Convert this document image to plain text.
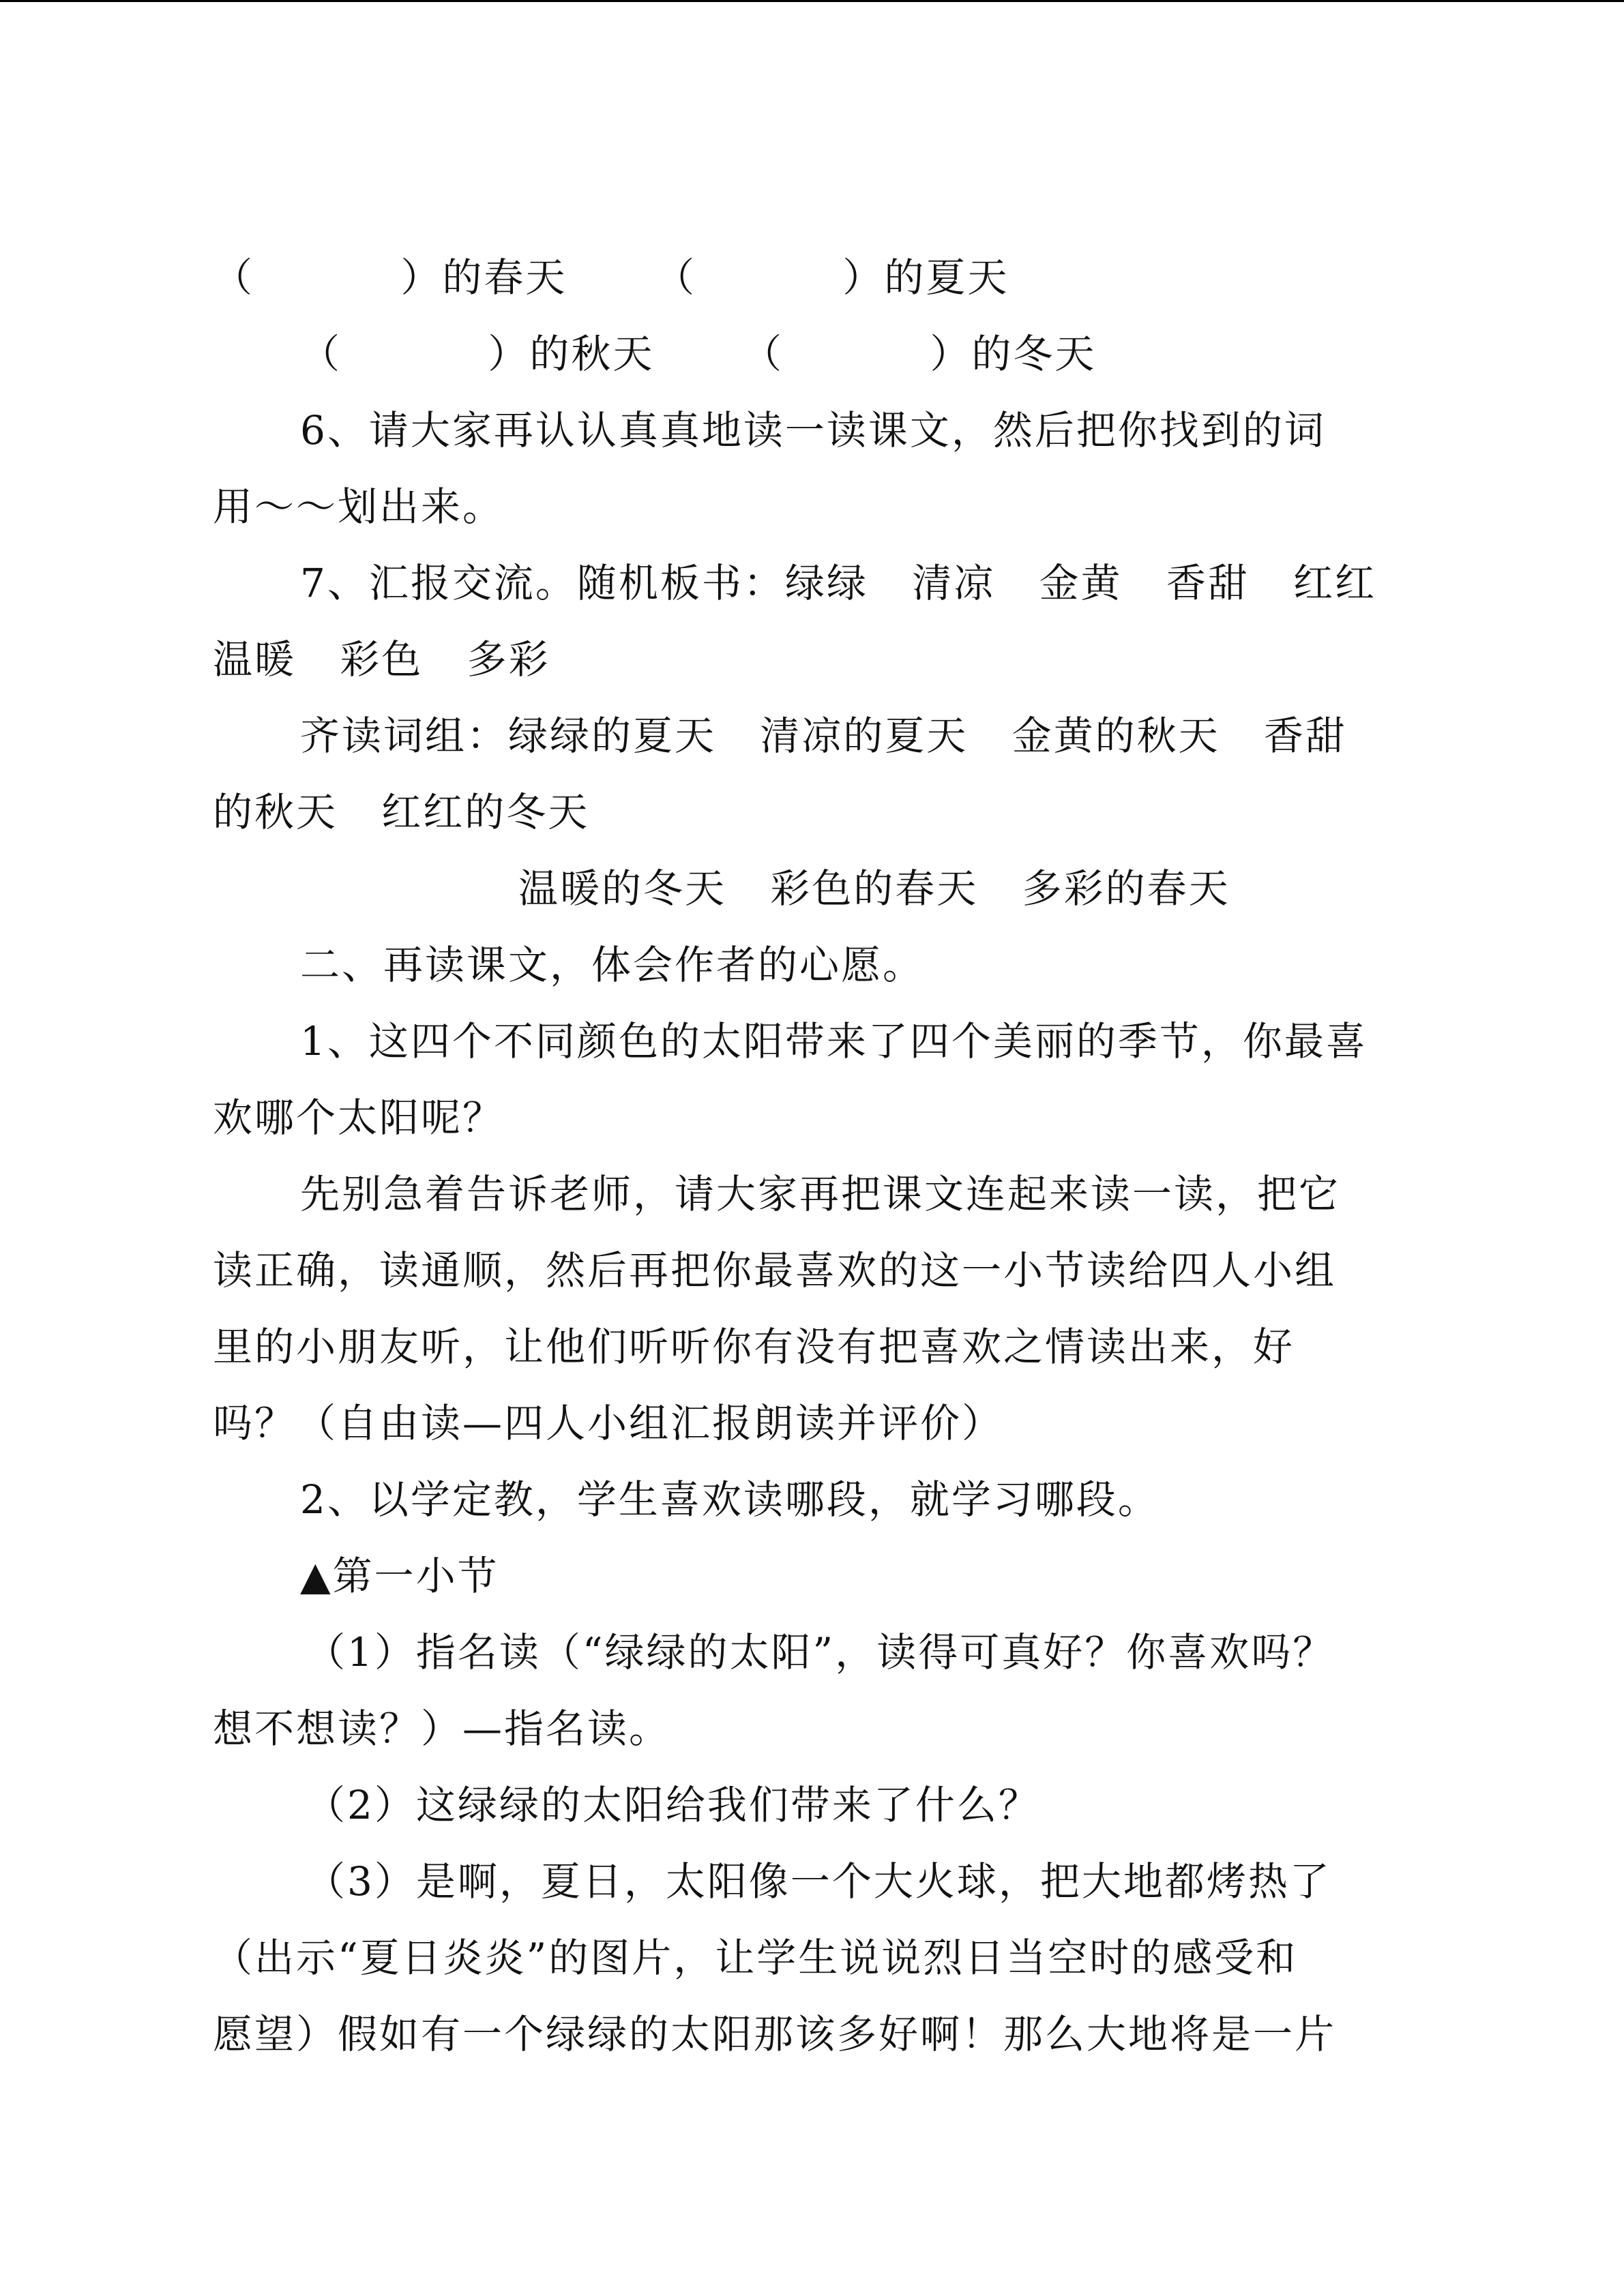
（          ）的春天      （          ）的夏天
（          ）的秋天      （          ）的冬天
6、请大家再认认真真地读一读课文，然后把你找到的词
用～～划出来。
7、汇报交流。随机板书：绿绿   清凉   金黄   香甜   红红
温暖   彩色   多彩
齐读词组：绿绿的夏天   清凉的夏天   金黄的秋天   香甜
的秋天   红红的冬天
温暖的冬天   彩色的春天   多彩的春天
二、再读课文，体会作者的心愿。
1、这四个不同颜色的太阳带来了四个美丽的季节，你最喜
欢哪个太阳呢？
先别急着告诉老师，请大家再把课文连起来读一读，把它
读正确，读通顺，然后再把你最喜欢的这一小节读给四人小组
里的小朋友听，让他们听听你有没有把喜欢之情读出来，好
吗？（自由读—四人小组汇报朗读并评价）
2、以学定教，学生喜欢读哪段，就学习哪段。
▲第一小节
（1）指名读（“绿绿的太阳”，读得可真好？你喜欢吗？
想不想读？）—指名读。
（2）这绿绿的太阳给我们带来了什么？
（3）是啊，夏日，太阳像一个大火球，把大地都烤热了
（出示“夏日炎炎”的图片，让学生说说烈日当空时的感受和
愿望）假如有一个绿绿的太阳那该多好啊！那么大地将是一片
